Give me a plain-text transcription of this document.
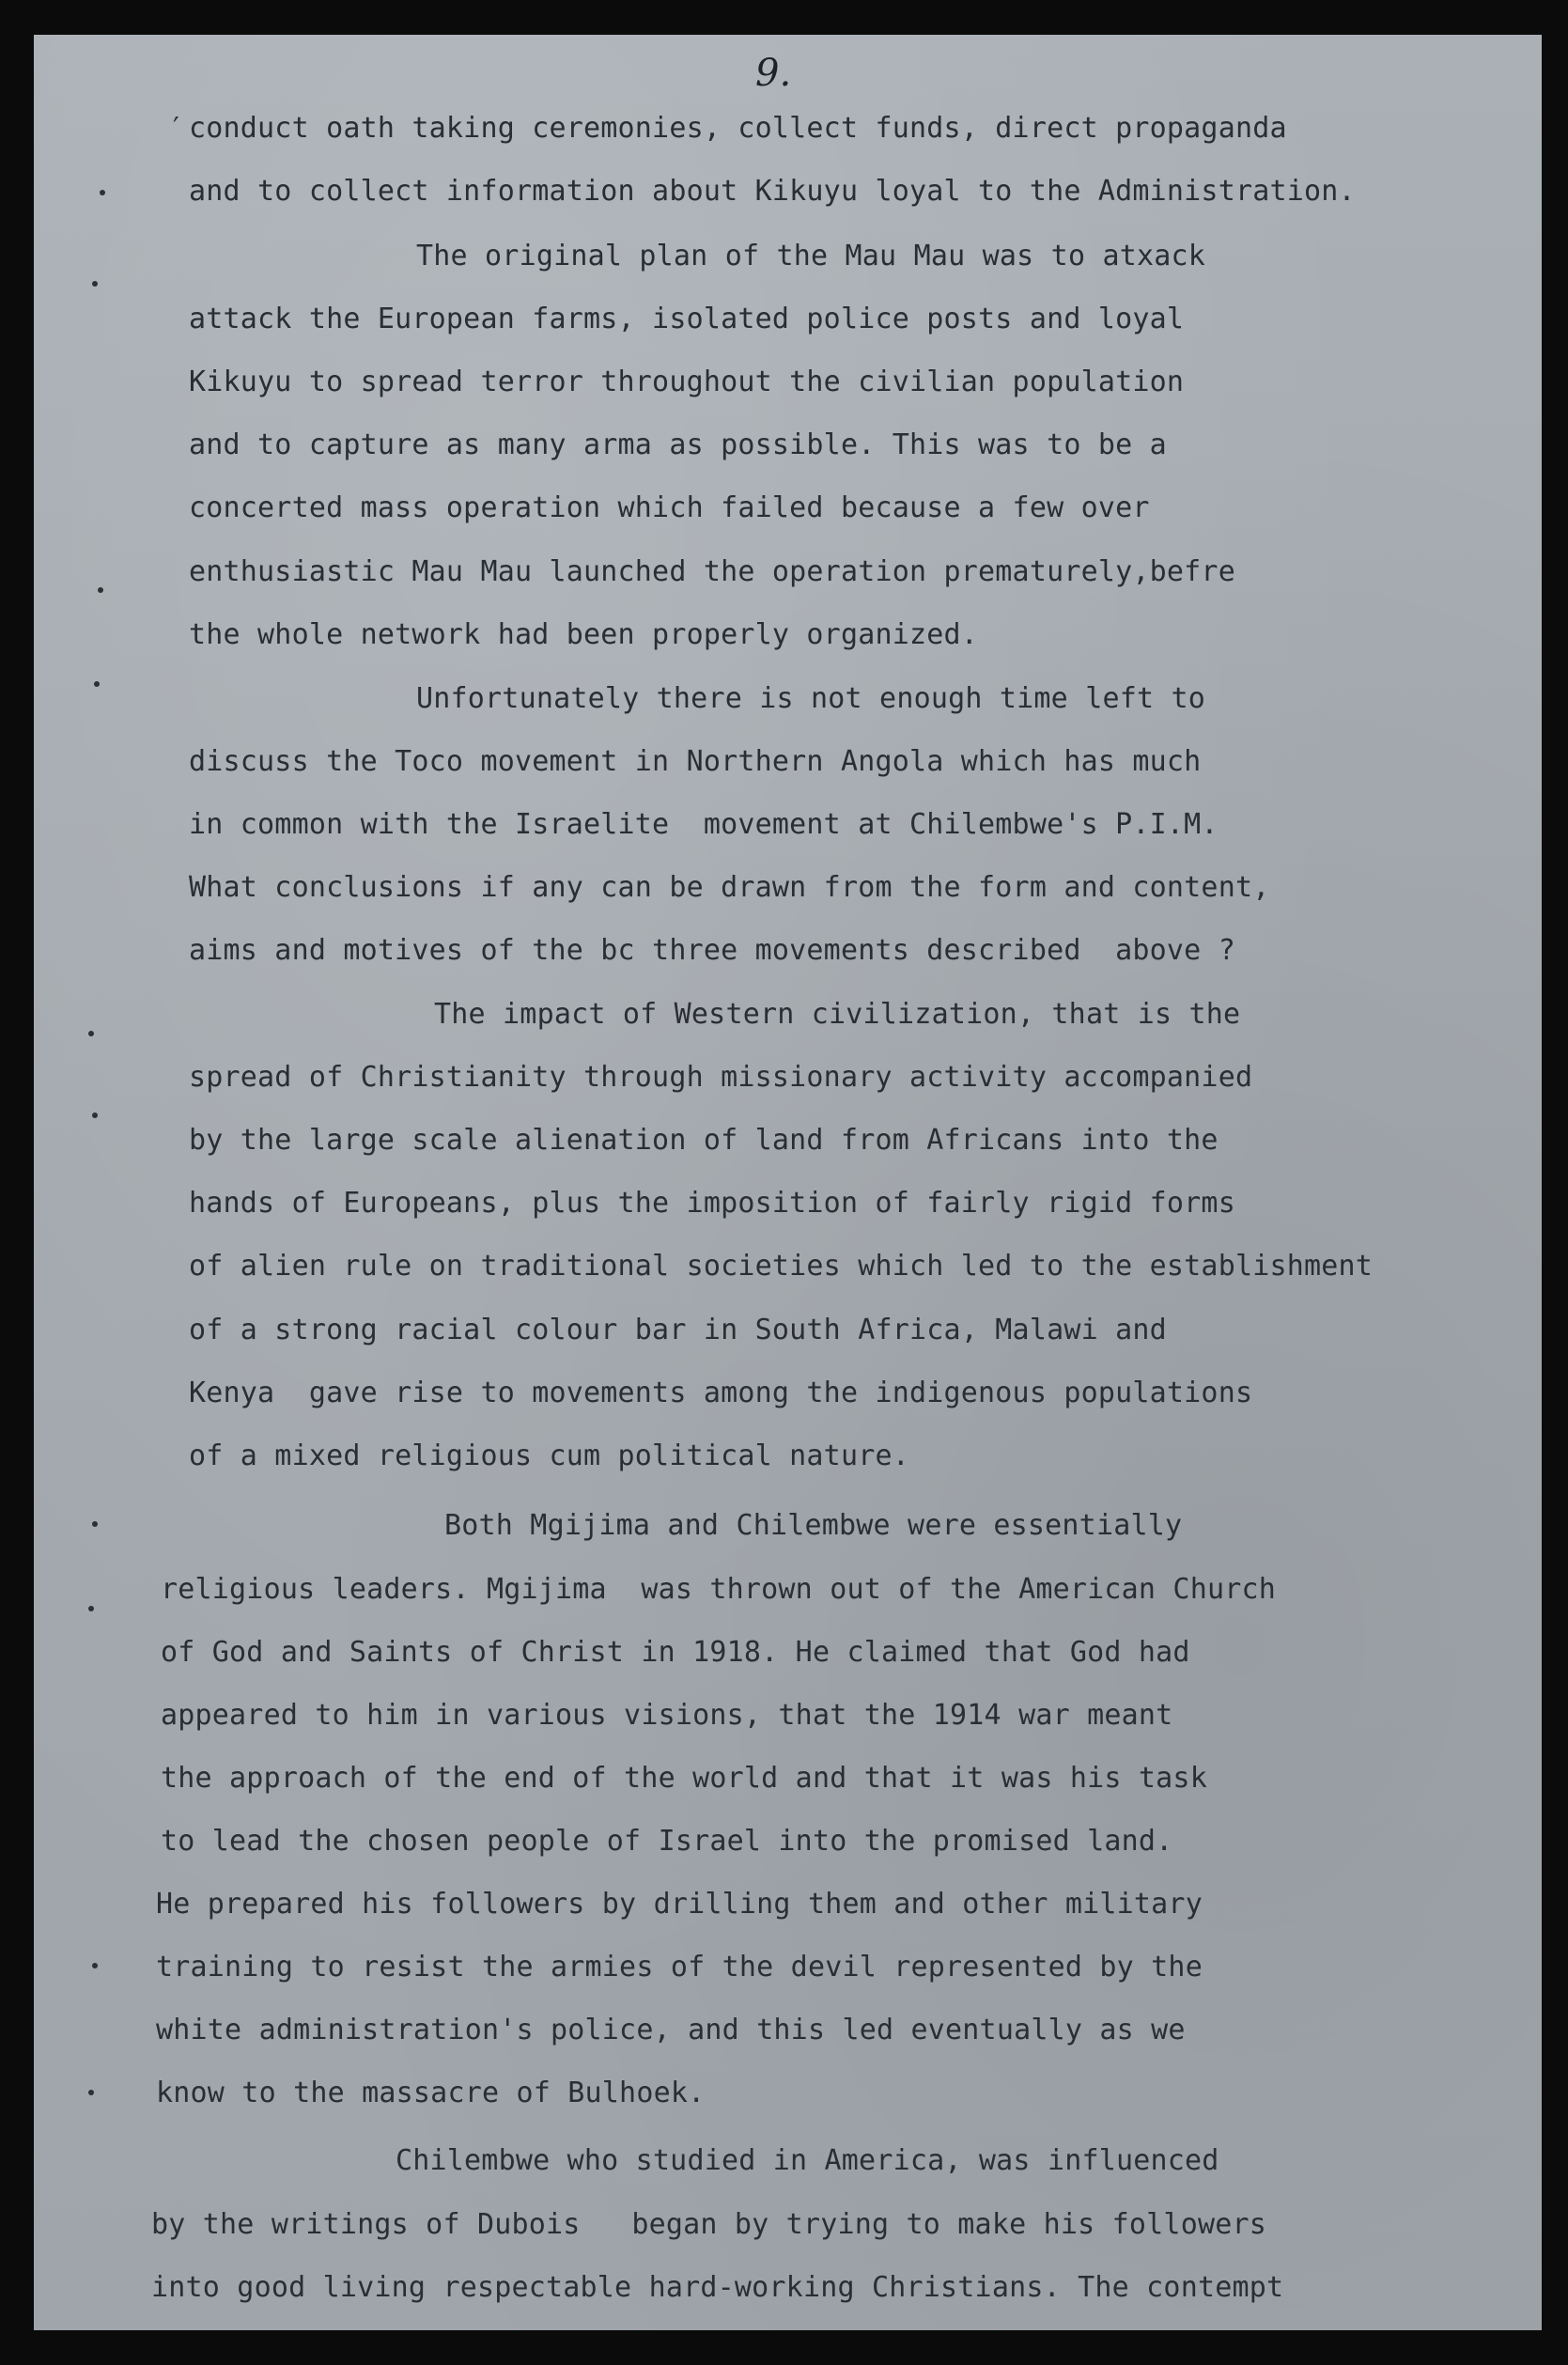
9.
′ conduct oath taking ceremonies, collect funds, direct propaganda
and to collect information about Kikuyu loyal to the Administration.
The original plan of the Mau Mau was to atxack
attack the European farms, isolated police posts and loyal
Kikuyu to spread terror throughout the civilian population
and to capture as many arma as possible. This was to be a
concerted mass operation which failed because a few over
enthusiastic Mau Mau launched the operation prematurely,befre
the whole network had been properly organized.
Unfortunately there is not enough time left to
discuss the Toco movement in Northern Angola which has much
in common with the Israelite  movement at Chilembwe's P.I.M.
What conclusions if any can be drawn from the form and content,
aims and motives of the bc three movements described  above ?
The impact of Western civilization, that is the
spread of Christianity through missionary activity accompanied
by the large scale alienation of land from Africans into the
hands of Europeans, plus the imposition of fairly rigid forms
of alien rule on traditional societies which led to the establishment
of a strong racial colour bar in South Africa, Malawi and
Kenya  gave rise to movements among the indigenous populations
of a mixed religious cum political nature.
Both Mgijima and Chilembwe were essentially
religious leaders. Mgijima  was thrown out of the American Church
of God and Saints of Christ in 1918. He claimed that God had
appeared to him in various visions, that the 1914 war meant
the approach of the end of the world and that it was his task
to lead the chosen people of Israel into the promised land.
He prepared his followers by drilling them and other military
training to resist the armies of the devil represented by the
white administration's police, and this led eventually as we
know to the massacre of Bulhoek.
Chilembwe who studied in America, was influenced
by the writings of Dubois   began by trying to make his followers
into good living respectable hard-working Christians. The contempt
